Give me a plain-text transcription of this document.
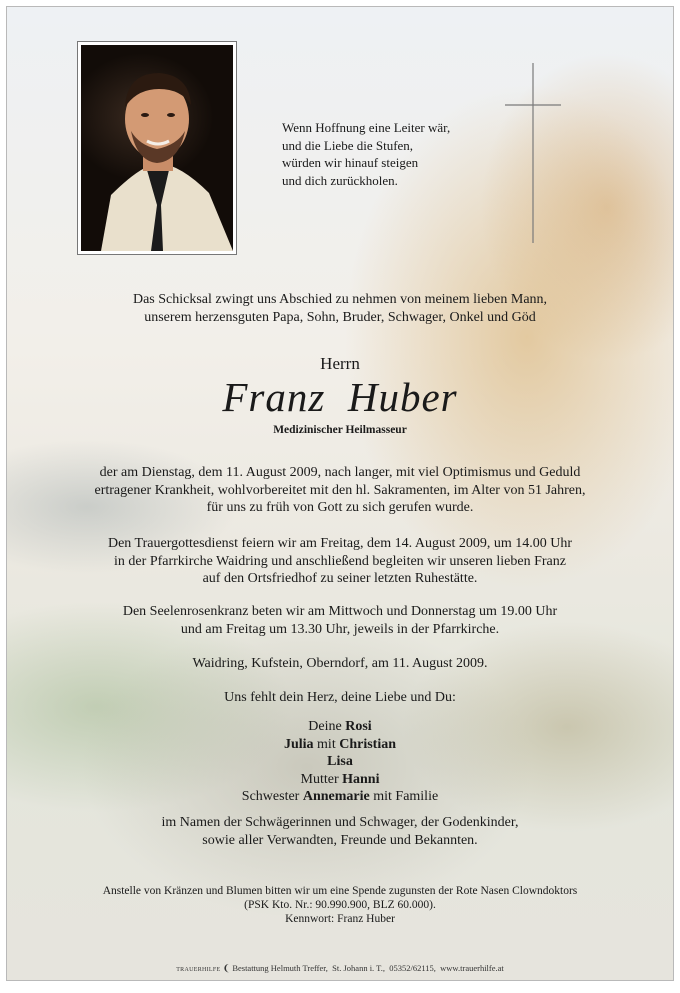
Wenn Hoffnung eine Leiter wär,
und die Liebe die Stufen,
würden wir hinauf steigen
und dich zurückholen.
Das Schicksal zwingt uns Abschied zu nehmen von meinem lieben Mann,
unserem herzensguten Papa, Sohn, Bruder, Schwager, Onkel und Göd
Herrn
Franz  Huber
Medizinischer Heilmasseur
der am Dienstag, dem 11. August 2009, nach langer, mit viel Optimismus und Geduld
ertragener Krankheit, wohlvorbereitet mit den hl. Sakramenten, im Alter von 51 Jahren,
für uns zu früh von Gott zu sich gerufen wurde.
Den Trauergottesdienst feiern wir am Freitag, dem 14. August 2009, um 14.00 Uhr
in der Pfarrkirche Waidring und anschließend begleiten wir unseren lieben Franz
auf den Ortsfriedhof zu seiner letzten Ruhestätte.
Den Seelenrosenkranz beten wir am Mittwoch und Donnerstag um 19.00 Uhr
und am Freitag um 13.30 Uhr, jeweils in der Pfarrkirche.
Waidring, Kufstein, Oberndorf, am 11. August 2009.
Uns fehlt dein Herz, deine Liebe und Du:
Deine Rosi
Julia mit Christian
Lisa
Mutter Hanni
Schwester Annemarie mit Familie
im Namen der Schwägerinnen und Schwager, der Godenkinder,
sowie aller Verwandten, Freunde und Bekannten.
Anstelle von Kränzen und Blumen bitten wir um eine Spende zugunsten der Rote Nasen Clowndoktors
(PSK Kto. Nr.: 90.990.900, BLZ 60.000).
Kennwort: Franz Huber
TRAUERHILFE ❨ Bestattung Helmuth Treffer,  St. Johann i. T.,  05352/62115,  www.trauerhilfe.at
